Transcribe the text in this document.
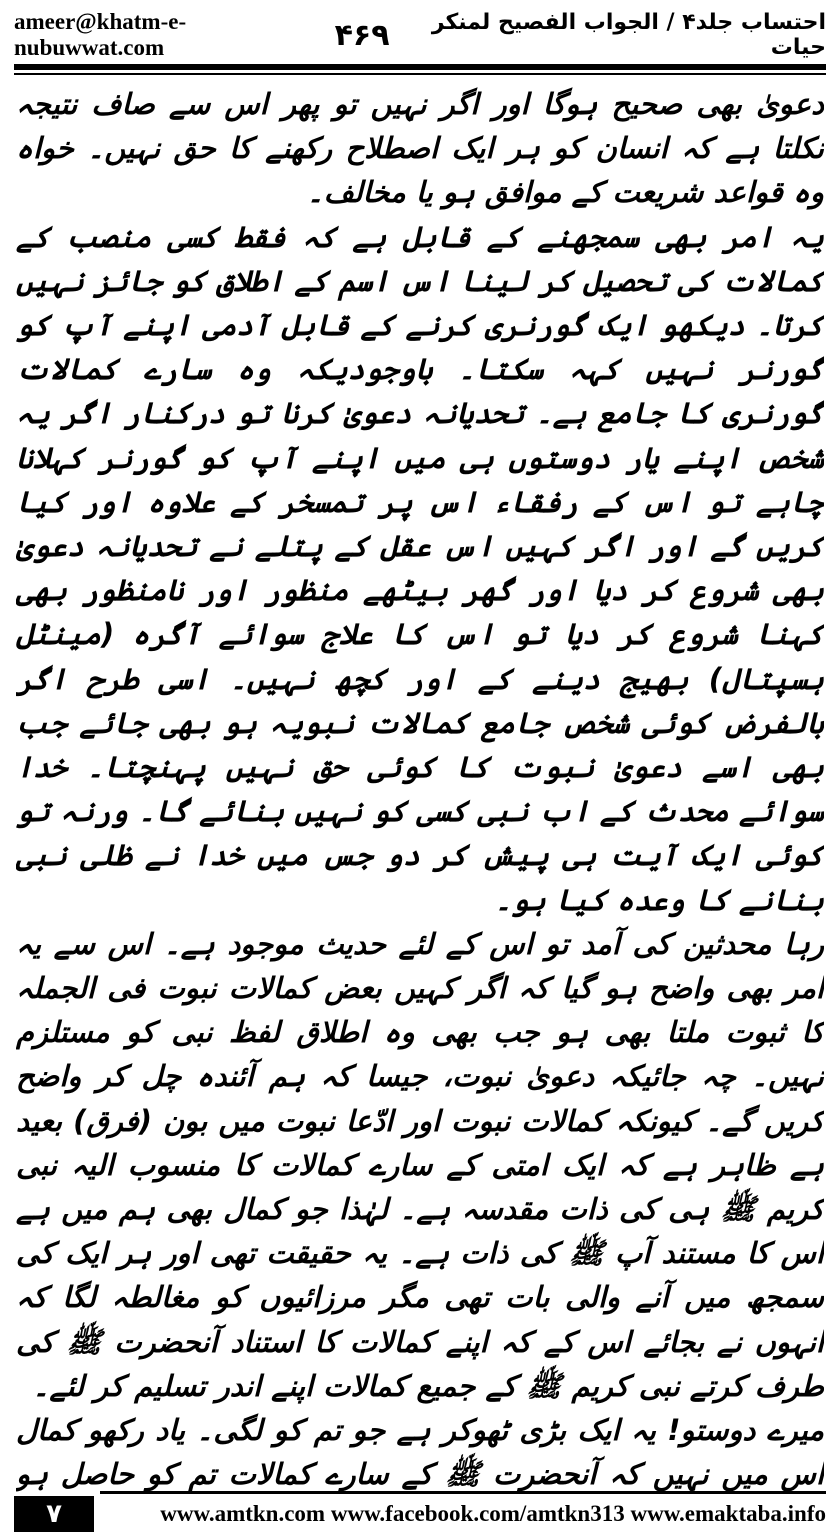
ameer@khatm-e-nubuwwat.com	۴۶۹	احتساب جلد۴ / الجواب الفصیح لمنکر حیات

دعویٰ بھی صحیح ہوگا اور اگر نہیں تو پھر اس سے صاف نتیجہ نکلتا ہے کہ انسان کو ہر ایک اصطلاح رکھنے کا حق نہیں۔ خواہ وہ قواعد شریعت کے موافق ہو یا مخالف۔

یہ امر بھی سمجھنے کے قابل ہے کہ فقط کسی منصب کے کمالات کی تحصیل کر لینا اس اسم کے اطلاق کو جائز نہیں کرتا۔ دیکھو ایک گورنری کرنے کے قابل آدمی اپنے آپ کو گورنر نہیں کہہ سکتا۔ باوجودیکہ وہ سارے کمالات گورنری کا جامع ہے۔ تحدیانہ دعویٰ کرنا تو درکنار اگر یہ شخص اپنے یار دوستوں ہی میں اپنے آپ کو گورنر کہلانا چاہے تو اس کے رفقاء اس پر تمسخر کے علاوہ اور کیا کریں گے اور اگر کہیں اس عقل کے پتلے نے تحدیانہ دعویٰ بھی شروع کر دیا اور گھر بیٹھے منظور اور نامنظور بھی کہنا شروع کر دیا تو اس کا علاج سوائے آگرہ (مینٹل ہسپتال) بھیج دینے کے اور کچھ نہیں۔ اسی طرح اگر بالفرض کوئی شخص جامع کمالات نبویہ ہو بھی جائے جب بھی اسے دعویٰ نبوت کا کوئی حق نہیں پہنچتا۔ خدا سوائے محدث کے اب نبی کسی کو نہیں بنائے گا۔ ورنہ تو کوئی ایک آیت ہی پیش کر دو جس میں خدا نے ظلی نبی بنانے کا وعدہ کیا ہو۔

رہا محدثین کی آمد تو اس کے لئے حدیث موجود ہے۔ اس سے یہ امر بھی واضح ہو گیا کہ اگر کہیں بعض کمالات نبوت فی الجملہ کا ثبوت ملتا بھی ہو جب بھی وہ اطلاق لفظ نبی کو مستلزم نہیں۔ چہ جائیکہ دعویٰ نبوت، جیسا کہ ہم آئندہ چل کر واضح کریں گے۔ کیونکہ کمالات نبوت اور ادّعا نبوت میں بون (فرق) بعید ہے ظاہر ہے کہ ایک امتی کے سارے کمالات کا منسوب الیہ نبی کریم ﷺ ہی کی ذات مقدسہ ہے۔ لہٰذا جو کمال بھی ہم میں ہے اس کا مستند آپ ﷺ کی ذات ہے۔ یہ حقیقت تھی اور ہر ایک کی سمجھ میں آنے والی بات تھی مگر مرزائیوں کو مغالطہ لگا کہ انہوں نے بجائے اس کے کہ اپنے کمالات کا استناد آنحضرت ﷺ کی طرف کرتے نبی کریم ﷺ کے جمیع کمالات اپنے اندر تسلیم کر لئے۔

میرے دوستو! یہ ایک بڑی ٹھوکر ہے جو تم کو لگی۔ یاد رکھو کمال اس میں نہیں کہ آنحضرت ﷺ کے سارے کمالات تم کو حاصل ہو

۷	www.amtkn.com www.facebook.com/amtkn313 www.emaktaba.info
